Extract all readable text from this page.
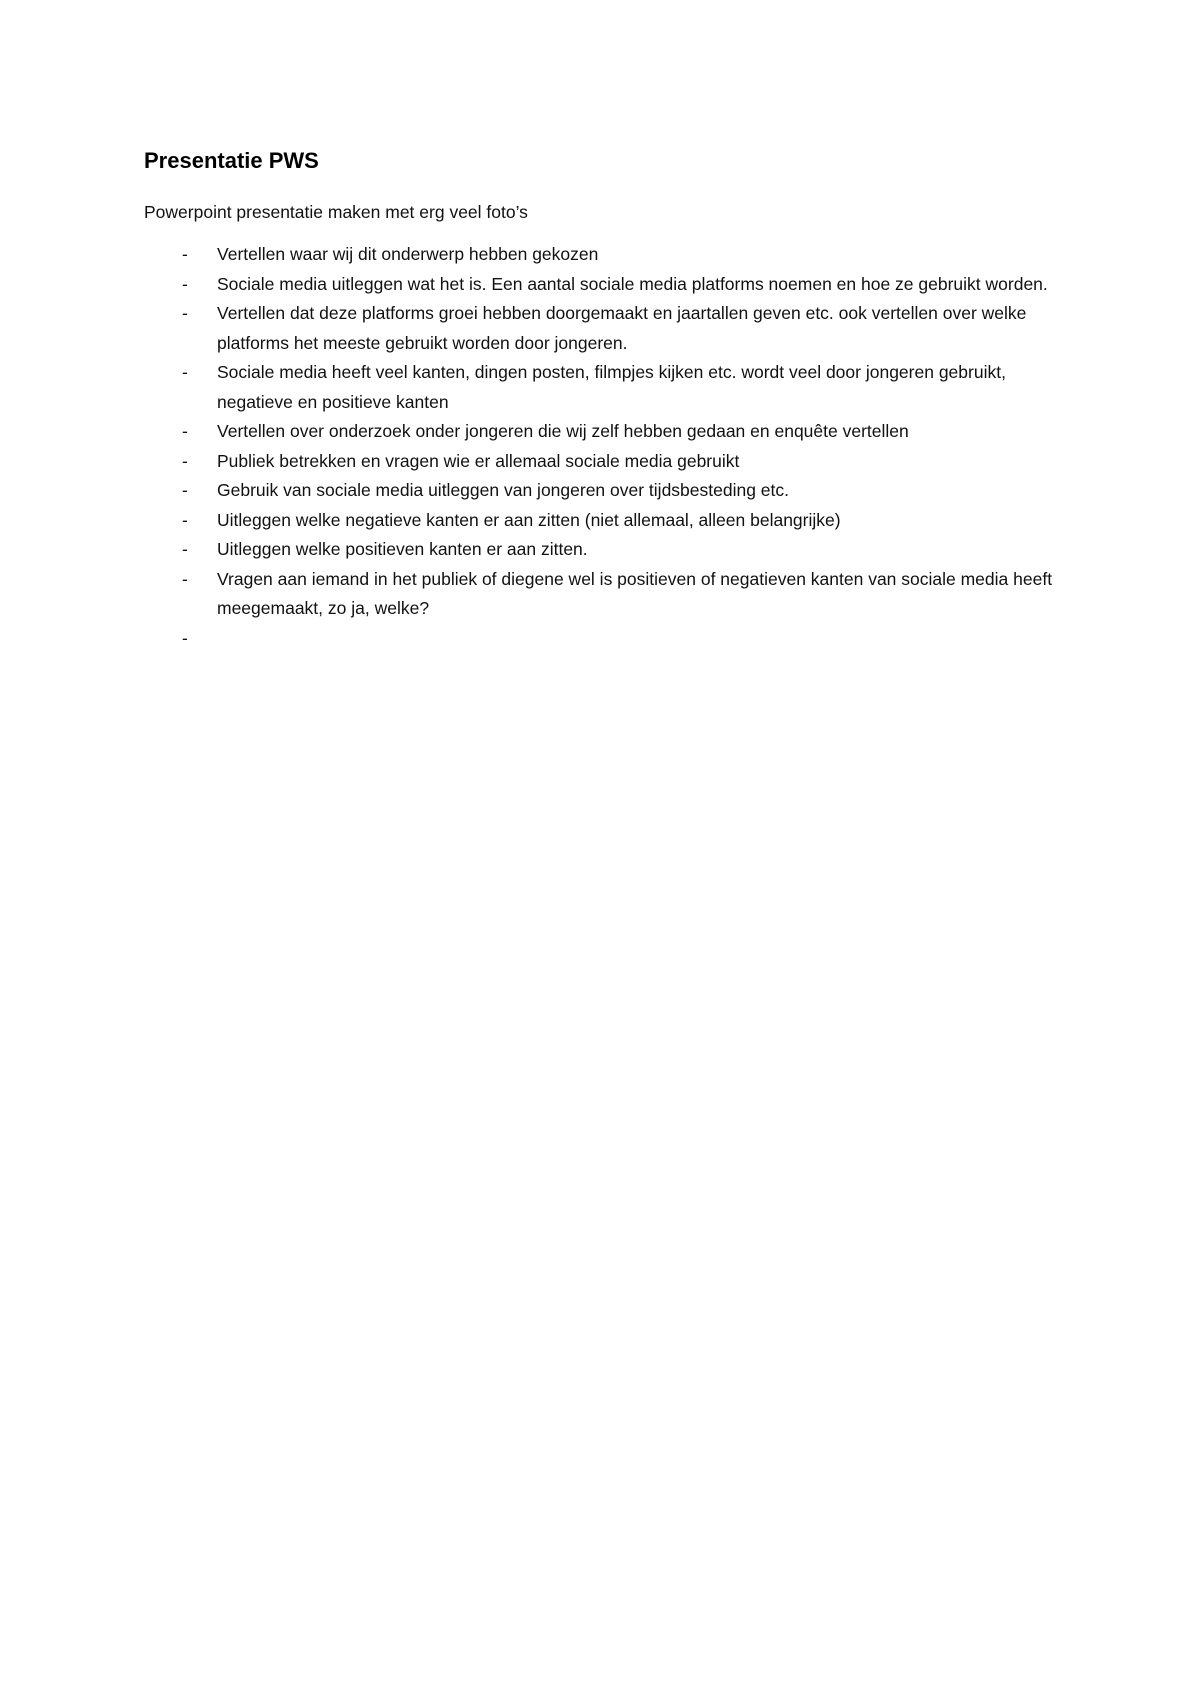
Presentatie PWS
Powerpoint presentatie maken met erg veel foto’s
- Vertellen waar wij dit onderwerp hebben gekozen
- Sociale media uitleggen wat het is. Een aantal sociale media platforms noemen en hoe ze gebruikt worden.
- Vertellen dat deze platforms groei hebben doorgemaakt en jaartallen geven etc. ook vertellen over welke platforms het meeste gebruikt worden door jongeren.
- Sociale media heeft veel kanten, dingen posten, filmpjes kijken etc. wordt veel door jongeren gebruikt, negatieve en positieve kanten
- Vertellen over onderzoek onder jongeren die wij zelf hebben gedaan en enquête vertellen
- Publiek betrekken en vragen wie er allemaal sociale media gebruikt
- Gebruik van sociale media uitleggen van jongeren over tijdsbesteding etc.
- Uitleggen welke negatieve kanten er aan zitten (niet allemaal, alleen belangrijke)
- Uitleggen welke positieven kanten er aan zitten.
- Vragen aan iemand in het publiek of diegene wel is positieven of negatieven kanten van sociale media heeft meegemaakt, zo ja, welke?
-
